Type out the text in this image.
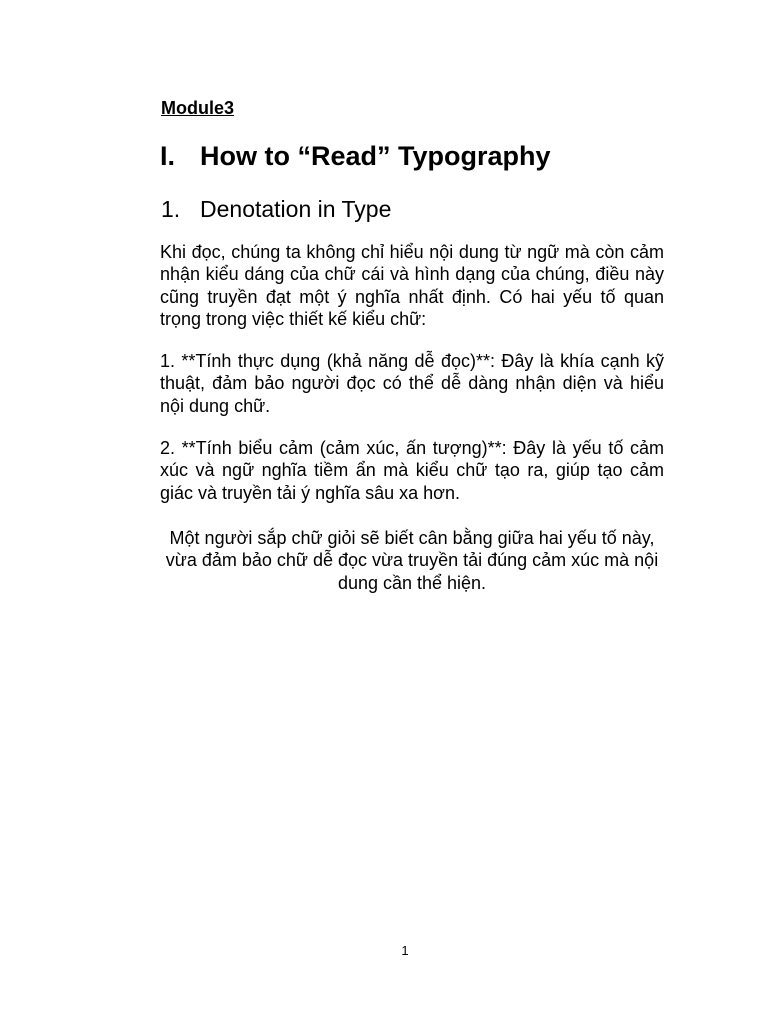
Module3
I. How to “Read” Typography
1. Denotation in Type

Khi đọc, chúng ta không chỉ hiểu nội dung từ ngữ mà còn cảm nhận kiểu dáng của chữ cái và hình dạng của chúng, điều này cũng truyền đạt một ý nghĩa nhất định. Có hai yếu tố quan trọng trong việc thiết kế kiểu chữ:

1. **Tính thực dụng (khả năng dễ đọc)**: Đây là khía cạnh kỹ thuật, đảm bảo người đọc có thể dễ dàng nhận diện và hiểu nội dung chữ.

2. **Tính biểu cảm (cảm xúc, ấn tượng)**: Đây là yếu tố cảm xúc và ngữ nghĩa tiềm ẩn mà kiểu chữ tạo ra, giúp tạo cảm giác và truyền tải ý nghĩa sâu xa hơn.

Một người sắp chữ giỏi sẽ biết cân bằng giữa hai yếu tố này, vừa đảm bảo chữ dễ đọc vừa truyền tải đúng cảm xúc mà nội dung cần thể hiện.

1
